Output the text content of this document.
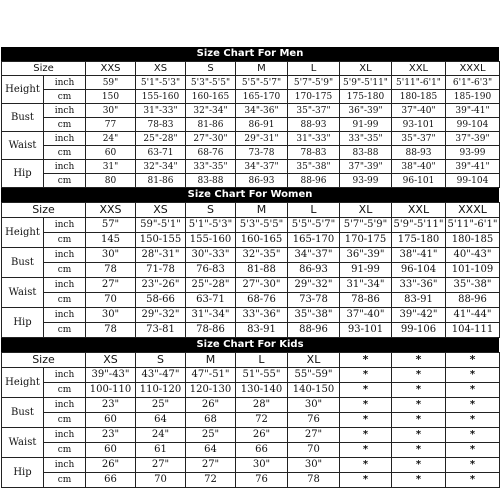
Size Chart For Men
Size		XXS	XS	S	M	L	XL	XXL	XXXL
Height	inch	59"	5'1"-5'3"	5'3"-5'5"	5'5"-5'7"	5'7"-5'9"	5'9"-5'11"	5'11"-6'1"	6'1"-6'3"
	cm	150	155-160	160-165	165-170	170-175	175-180	180-185	185-190
Bust	inch	30"	31"-33"	32"-34"	34"-36"	35"-37"	36"-39"	37"-40"	39"-41"
	cm	77	78-83	81-86	86-91	88-93	91-99	93-101	99-104
Waist	inch	24"	25"-28"	27"-30"	29"-31"	31"-33"	33"-35"	35"-37"	37"-39"
	cm	60	63-71	68-76	73-78	78-83	83-88	88-93	93-99
Hip	inch	31"	32"-34"	33"-35"	34"-37"	35"-38"	37"-39"	38"-40"	39"-41"
	cm	80	81-86	83-88	86-93	88-96	93-99	96-101	99-104
Size Chart For Women
Size		XXS	XS	S	M	L	XL	XXL	XXXL
Height	inch	57"	59"-5'1"	5'1"-5'3"	5'3"-5'5"	5'5"-5'7"	5'7"-5'9"	5'9"-5'11"	5'11"-6'1"
	cm	145	150-155	155-160	160-165	165-170	170-175	175-180	180-185
Bust	inch	30"	28"-31"	30"-33"	32"-35"	34"-37"	36"-39"	38"-41"	40"-43"
	cm	78	71-78	76-83	81-88	86-93	91-99	96-104	101-109
Waist	inch	27"	23"-26"	25"-28"	27"-30"	29"-32"	31"-34"	33"-36"	35"-38"
	cm	70	58-66	63-71	68-76	73-78	78-86	83-91	88-96
Hip	inch	30"	29"-32"	31"-34"	33"-36"	35"-38"	37"-40"	39"-42"	41"-44"
	cm	78	73-81	78-86	83-91	88-96	93-101	99-106	104-111
Size Chart For Kids
Size		XS	S	M	L	XL	*	*	*
Height	inch	39"-43"	43"-47"	47"-51"	51"-55"	55"-59"	*	*	*
	cm	100-110	110-120	120-130	130-140	140-150	*	*	*
Bust	inch	23"	25"	26"	28"	30"	*	*	*
	cm	60	64	68	72	76	*	*	*
Waist	inch	23"	24"	25"	26"	27"	*	*	*
	cm	60	61	64	66	70	*	*	*
Hip	inch	26"	27"	27"	30"	30"	*	*	*
	cm	66	70	72	76	78	*	*	*
